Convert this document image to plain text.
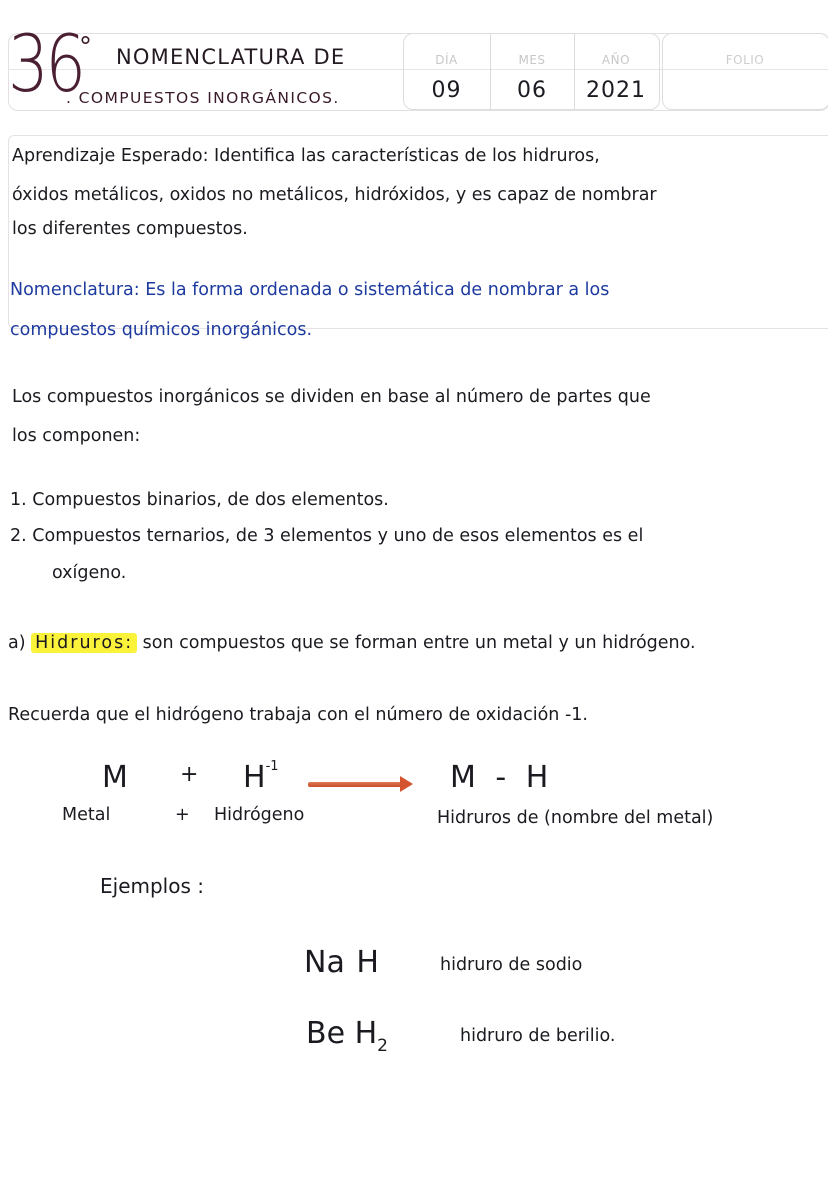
36
° NOMENCLATURA DE
. COMPUESTOS INORGÁNICOS.
DÍA	MES	AÑO
09	06	2021
FOLIO
Aprendizaje Esperado: Identifica las características de los hidruros,
óxidos metálicos, oxidos no metálicos, hidróxidos, y es capaz de nombrar
los diferentes compuestos.
Nomenclatura: Es la forma ordenada o sistemática de nombrar a los
compuestos químicos inorgánicos.
Los compuestos inorgánicos se dividen en base al número de partes que
los componen:
1. Compuestos binarios, de dos elementos.
2. Compuestos ternarios, de 3 elementos y uno de esos elementos es el
oxígeno.
a) Hidruros: son compuestos que se forman entre un metal y un hidrógeno.
Recuerda que el hidrógeno trabaja con el número de oxidación -1.
$M + H^{-1}$	M - H
Metal	+ Hidrógeno	Hidruros de (nombre del metal)
Ejemplos :
Na H	hidruro de sodio
Be $H_2$	hidruro de berilio.
